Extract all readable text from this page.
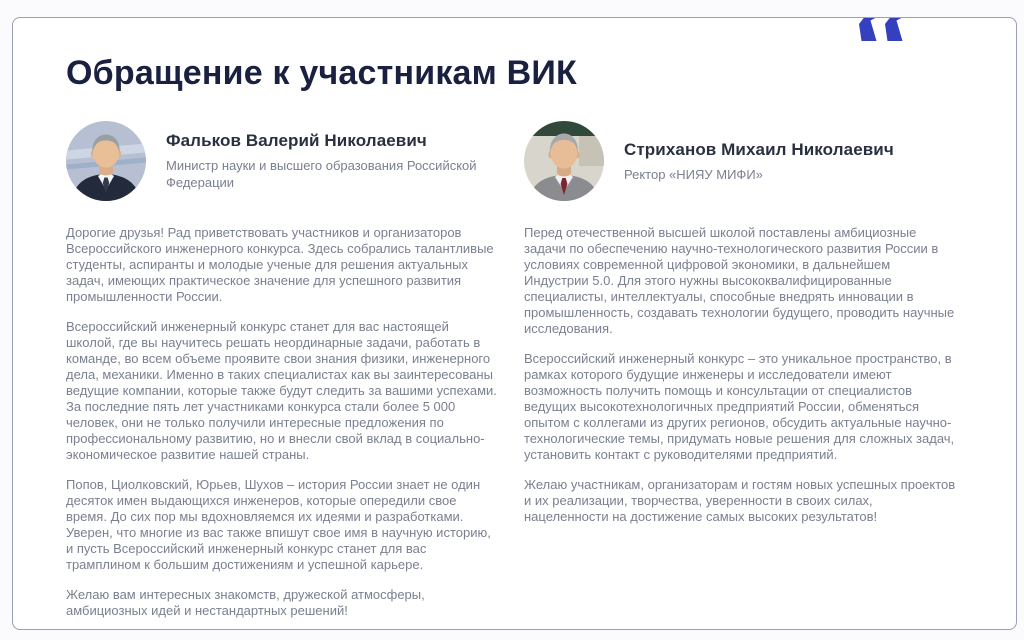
Обращение к участникам ВИК
Фальков Валерий Николаевич

Министр науки и высшего образования Российской Федерации

Дорогие друзья! Рад приветствовать участников и организаторов Всероссийского инженерного конкурса. Здесь собрались талантливые студенты, аспиранты и молодые ученые для решения актуальных задач, имеющих практическое значение для успешного развития промышленности России.

Всероссийский инженерный конкурс станет для вас настоящей школой, где вы научитесь решать неординарные задачи, работать в команде, во всем объеме проявите свои знания физики, инженерного дела, механики. Именно в таких специалистах как вы заинтересованы ведущие компании, которые также будут следить за вашими успехами. За последние пять лет участниками конкурса стали более 5 000 человек, они не только получили интересные предложения по профессиональному развитию, но и внесли свой вклад в социально-экономическое развитие нашей страны.

Попов, Циолковский, Юрьев, Шухов – история России знает не один десяток имен выдающихся инженеров, которые опередили свое время. До сих пор мы вдохновляемся их идеями и разработками. Уверен, что многие из вас также впишут свое имя в научную историю, и пусть Всероссийский инженерный конкурс станет для вас трамплином к большим достижениям и успешной карьере.

Желаю вам интересных знакомств, дружеской атмосферы, амбициозных идей и нестандартных решений!

Стриханов Михаил Николаевич

Ректор «НИЯУ МИФИ»

Перед отечественной высшей школой поставлены амбициозные задачи по обеспечению научно-технологического развития России в условиях современной цифровой экономики, в дальнейшем Индустрии 5.0. Для этого нужны высококвалифицированные специалисты, интеллектуалы, способные внедрять инновации в промышленность, создавать технологии будущего, проводить научные исследования.

Всероссийский инженерный конкурс – это уникальное пространство, в рамках которого будущие инженеры и исследователи имеют возможность получить помощь и консультации от специалистов ведущих высокотехнологичных предприятий России, обменяться опытом с коллегами из других регионов, обсудить актуальные научно-технологические темы, придумать новые решения для сложных задач, установить контакт с руководителями предприятий.

Желаю участникам, организаторам и гостям новых успешных проектов и их реализации, творчества, уверенности в своих силах, нацеленности на достижение самых высоких результатов!
